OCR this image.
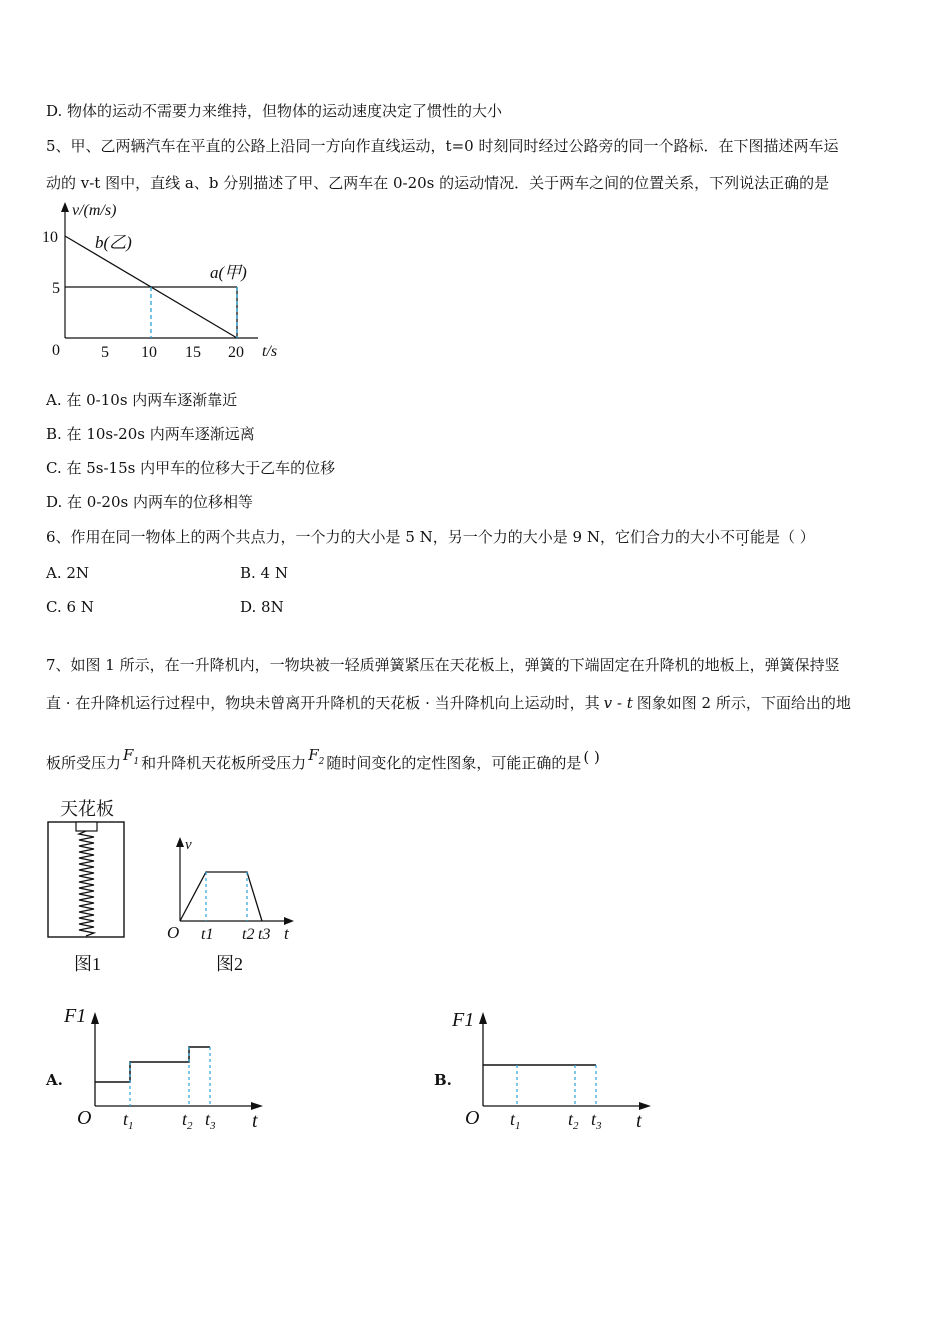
D. 物体的运动不需要力来维持，但物体的运动速度决定了惯性的大小
5、甲、乙两辆汽车在平直的公路上沿同一方向作直线运动，t=0 时刻同时经过公路旁的同一个路标．在下图描述两车运
动的 v-t 图中，直线 a、b 分别描述了甲、乙两车在 0-20s 的运动情况．关于两车之间的位置关系，下列说法正确的是
v/(m/s)
t/s
10
5
0	5 10 15 20
b(乙)
a(甲)
A. 在 0-10s 内两车逐渐靠近
B. 在 10s-20s 内两车逐渐远离
C. 在 5s-15s 内甲车的位移大于乙车的位移
D. 在 0-20s 内两车的位移相等
6、作用在同一物体上的两个共点力，一个力的大小是 5 N，另一个力的大小是 9 N，它们合力的大小不可能是（ ）
A. 2N	B. 4 N
C. 6 N	D. 8N
7、如图 1 所示，在一升降机内，一物块被一轻质弹簧紧压在天花板上，弹簧的下端固定在升降机的地板上，弹簧保持竖
直 · 在升降机运行过程中，物块未曾离开升降机的天花板 · 当升降机向上运动时，其 v - t 图象如图 2 所示，下面给出的地
板所受压力 $F_1$ 和升降机天花板所受压力 $F_2$ 随时间变化的定性图象，可能正确的是 ( )
天花板
图1
v
t
O t1 t2 t3
图2
A.
F1
O $t_1$	$t_2$ $t_3$ t
B.
F1
O $t_1$	$t_2$ $t_3$ t
